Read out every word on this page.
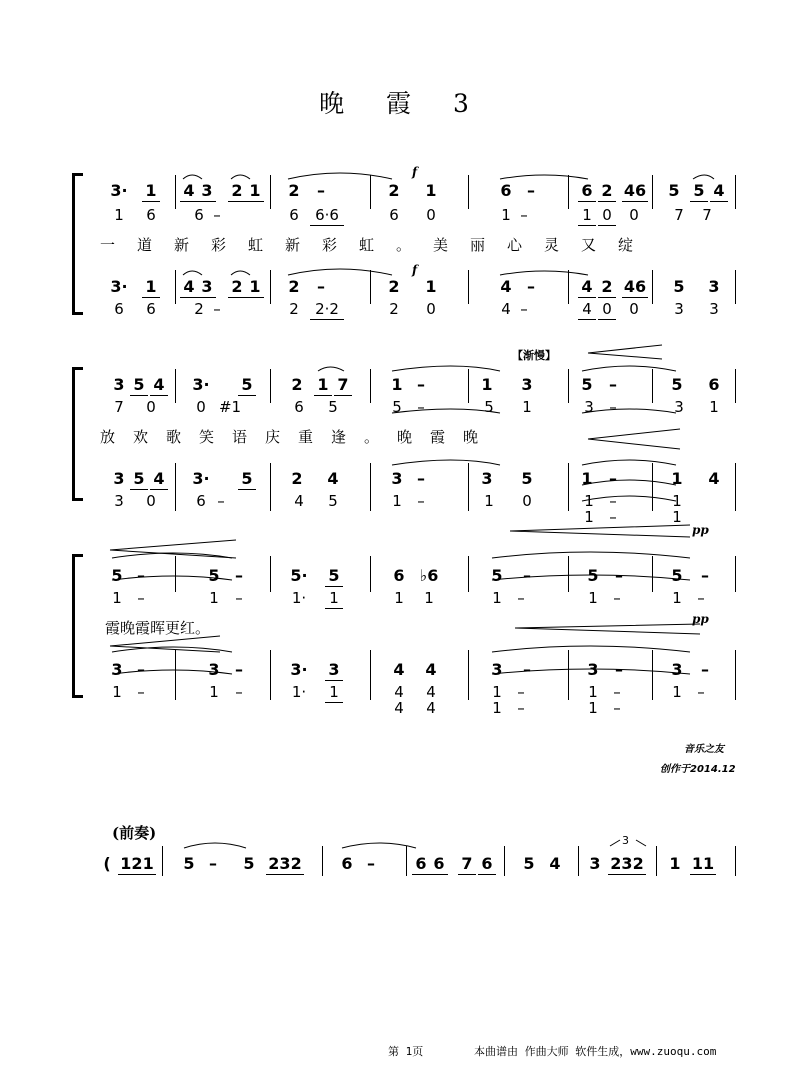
晚 霞 3
f
f
3· 1 4 3 2 1 2	–	2 1	6 –	6 2 46 5 5 4
1 6	6 –	6	6·6	6 0	1 –	1 0 0 7 7
一道新彩虹新彩虹。美丽心灵又绽
3· 1 4 3 2 1 2	–	2 1	4 –	4 2 46 5 3
6 6	2 –	2	2·2	2 0	4 –	4 0 0 3 3
【渐慢】
pp
3 5 4 3· 5 2 1 7	1 –	1 3	5	–	5 6
7 0	0 #1	6 5	5	–	5 1	3	–	3 1
放欢歌笑语庆重逢。晚霞晚
3 5 4 3· 5 2 4	3 –	3 5	1	–	1 4
3 0	6 –	4 5	1	–	1 0	1	–	1
1	–	1
pp
5 –	5 –	5· 5	6 ♭6	5	–	5	–	5	–
1	–	1	–	1· 1	1 1	1	–	1	–	1	–
霞晚霞晖更红。
3 –	3 –	3· 3	4 4	3	–	3	–	3	–
1	–	1	–	1· 1	4 4	1	–	1	–	1	–
4 4	1	–	1	–
音乐之友
创作于2014.12
(前奏)
( 121 5 –	5 232 6 –	6 6 7 6 5 4 3 232 1 11
3
第 1页	本曲谱由 作曲大师 软件生成，www.zuoqu.com
